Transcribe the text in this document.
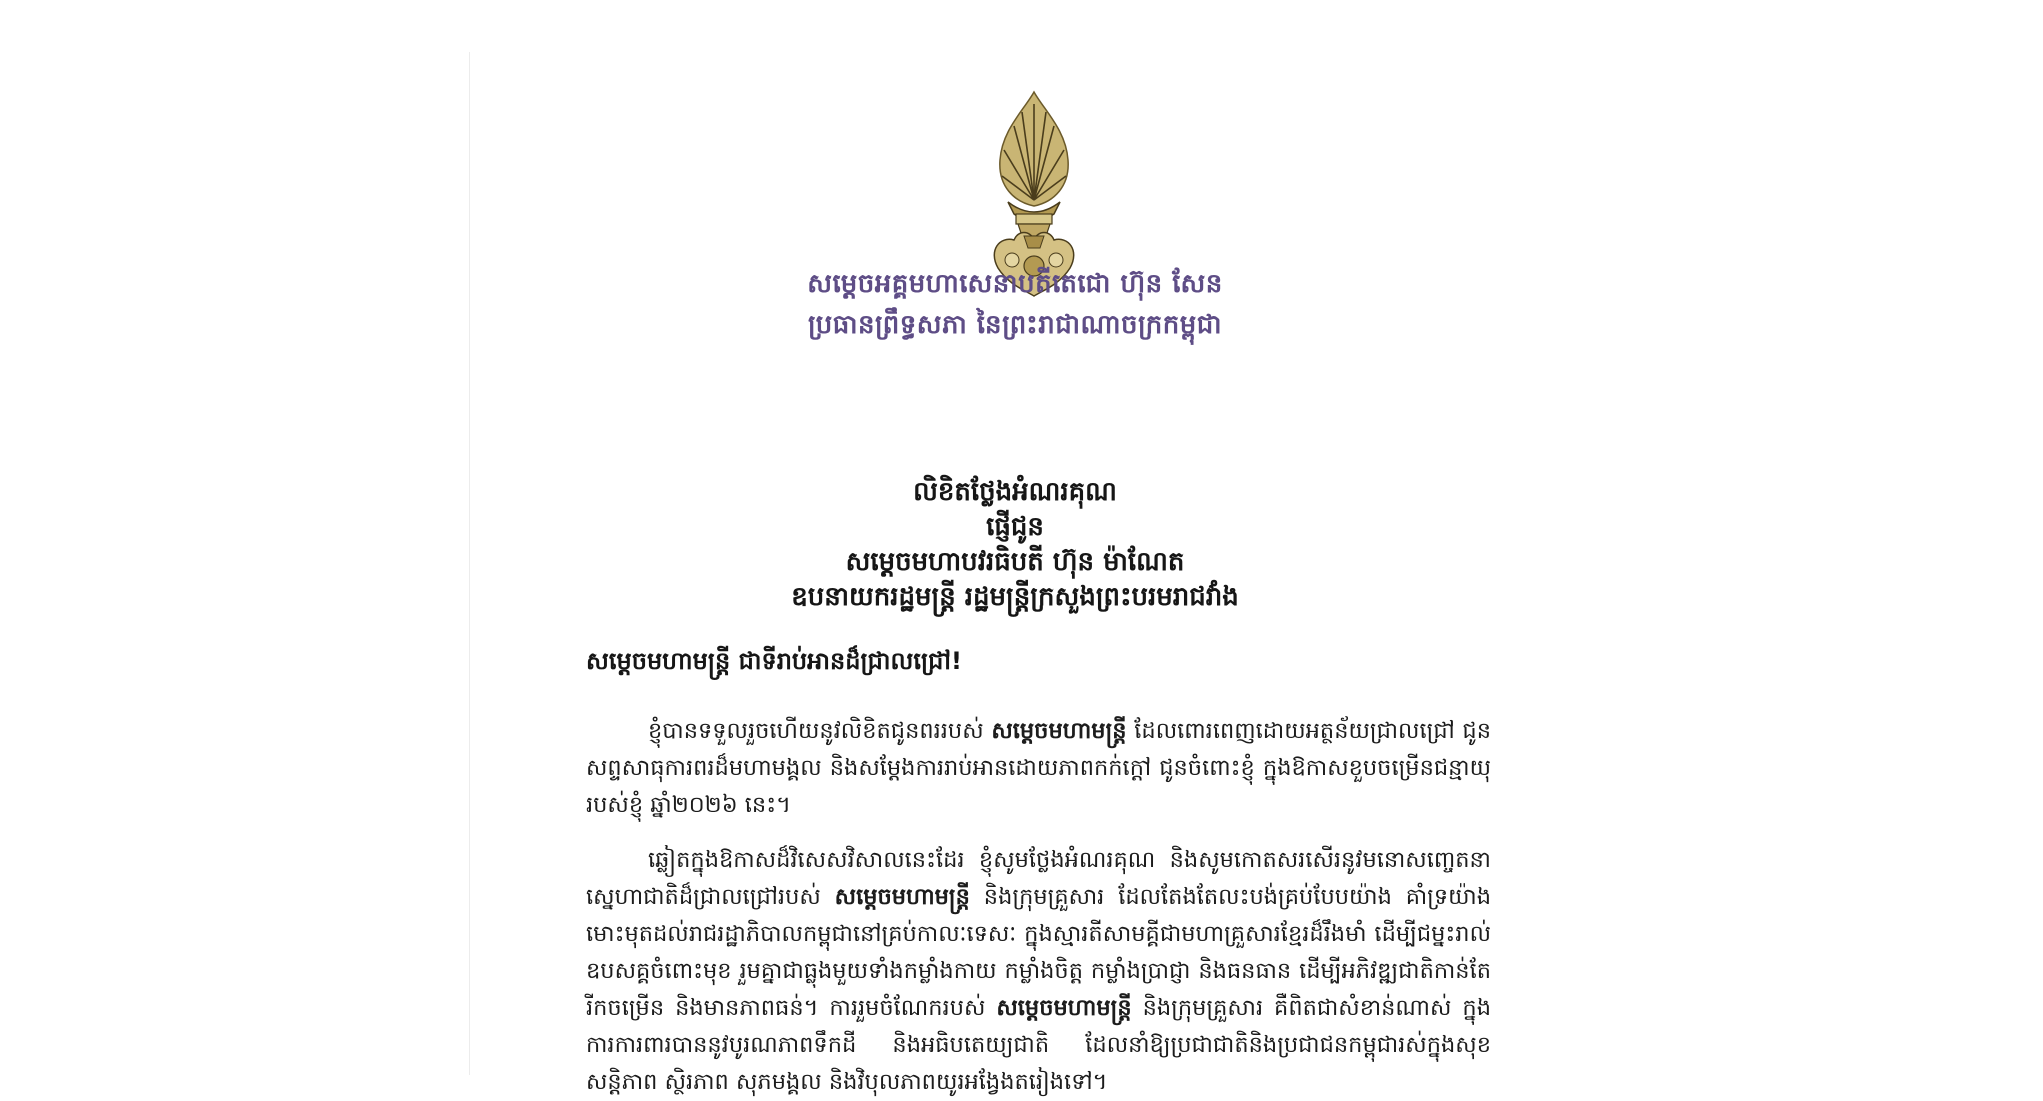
សម្តេចអគ្គមហាសេនាបតីតេជោ ហ៊ុន សែន
ប្រធានព្រឹទ្ធសភា នៃព្រះរាជាណាចក្រកម្ពុជា
លិខិតថ្លែងអំណរគុណ
ផ្ញើជូន
សម្តេចមហាបវរធិបតី ហ៊ុន ម៉ាណែត
ឧបនាយករដ្ឋមន្ត្រី រដ្ឋមន្ត្រីក្រសួងព្រះបរមរាជវាំង
សម្តេចមហាមន្ត្រី ជាទីរាប់អានដ៏ជ្រាលជ្រៅ!

ខ្ញុំបានទទួលរួចហើយនូវលិខិតជូនពររបស់ សម្តេចមហាមន្ត្រី ដែលពោរពេញដោយអត្ថន័យជ្រាលជ្រៅ ជូនសព្ទសាធុការពរដ៏មហាមង្គល និងសម្តែងការរាប់អានដោយភាពកក់ក្តៅ ជូនចំពោះខ្ញុំ ក្នុងឱកាសខួបចម្រើនជន្មាយុរបស់ខ្ញុំ ឆ្នាំ២០២៦ នេះ។

ឆ្លៀតក្នុងឱកាសដ៏វិសេសវិសាលនេះដែរ ខ្ញុំសូមថ្លែងអំណរគុណ និងសូមកោតសរសើរនូវមនោសញ្ចេតនាស្នេហាជាតិដ៏ជ្រាលជ្រៅរបស់ សម្តេចមហាមន្ត្រី និងក្រុមគ្រួសារ ដែលតែងតែលះបង់គ្រប់បែបយ៉ាង គាំទ្រយ៉ាងមោះមុតដល់រាជរដ្ឋាភិបាលកម្ពុជានៅគ្រប់កាលៈទេសៈ ក្នុងស្មារតីសាមគ្គីជាមហាគ្រួសារខ្មែរដ៏រឹងមាំ ដើម្បីជម្នះរាល់ឧបសគ្គចំពោះមុខ រួមគ្នាជាធ្លុងមួយទាំងកម្លាំងកាយ កម្លាំងចិត្ត កម្លាំងប្រាជ្ញា និងធនធាន ដើម្បីអភិវឌ្ឍជាតិកាន់តែរីកចម្រើន និងមានភាពធន់។ ការរួមចំណែករបស់ សម្តេចមហាមន្ត្រី និងក្រុមគ្រួសារ គឺពិតជាសំខាន់ណាស់ ក្នុងការការពារបាននូវបូរណភាពទឹកដី និងអធិបតេយ្យជាតិ ដែលនាំឱ្យប្រជាជាតិនិងប្រជាជនកម្ពុជារស់ក្នុងសុខសន្តិភាព ស្ថិរភាព សុភមង្គល និងវិបុលភាពយូរអង្វែងតរៀងទៅ។
